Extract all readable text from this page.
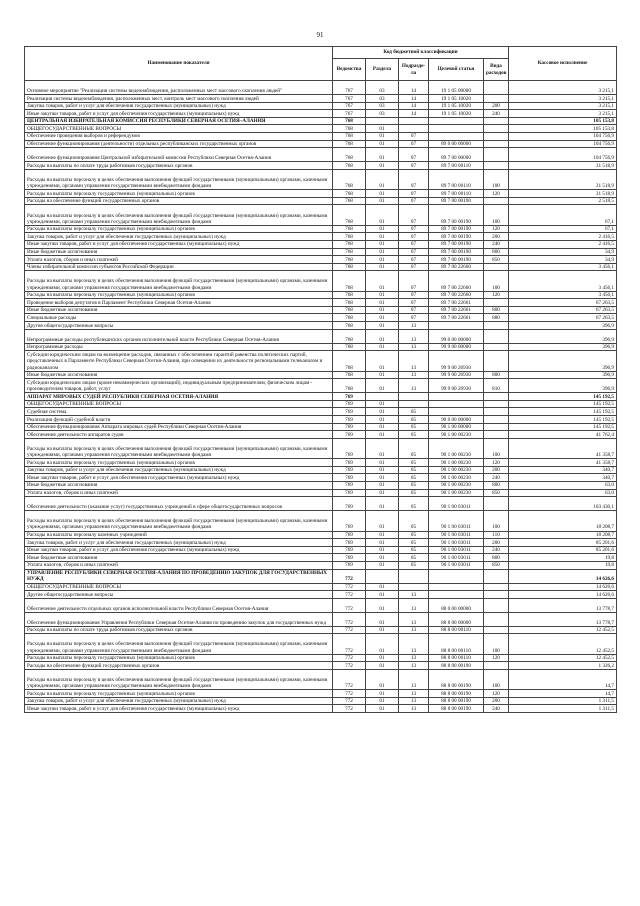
91
Наименование показателя	Код бюджетной классификации					Кассовое исполнение
	Ведомства	Раздела	Подразде-ла	Целевой статьи	Вида расходов	
Основное мероприятие "Реализация системы видеонаблюдения, расположенных мест массового скопления людей"	767	03	14	19 1 05 00000		3 215,1
Реализация системы видеонаблюдения, расположенных мест, контроль мест массового скопления людей	767	03	14	19 1 05 10020		3 215,1
Закупка товаров, работ и услуг для обеспечения государственных (муниципальных) нужд	767	03	14	19 1 05 10020	200	3 215,1
Иные закупки товаров, работ и услуг для обеспечения государственных (муниципальных) нужд	767	03	14	19 1 05 10020	240	3 215,1
ЦЕНТРАЛЬНАЯ ИЗБИРАТЕЛЬНАЯ КОМИССИЯ РЕСПУБЛИКИ СЕВЕРНАЯ ОСЕТИЯ–АЛАНИЯ	768					105 153,8
ОБЩЕГОСУДАРСТВЕННЫЕ ВОПРОСЫ	768	01				105 153,8
Обеспечение проведения выборов и референдумов	768	01	07			104 756,9
Обеспечение функционирования (деятельности) отдельных республиканских государственных органов	768	01	07	89 0 00 00000		104 756,9
Обеспечение функционирования Центральной избирательной комиссии Республики Северная Осетия-Алания	768	01	07	89 7 00 00000		104 756,9
Расходы на выплаты по оплате труда работников государственных органов	768	01	07	89 7 00 00110		31 518,9
Расходы на выплаты персоналу в целях обеспечения выполнения функций государственными (муниципальными) органами, казенными учреждениями, органами управления государственными внебюджетными фондами	768	01	07	89 7 00 00110	100	31 518,9
Расходы на выплаты персоналу государственных (муниципальных) органов	768	01	07	89 7 00 00110	120	31 518,9
Расходы на обеспечение функций государственных органов	768	01	07	89 7 00 00190		2 518,5
Расходы на выплаты персоналу в целях обеспечения выполнения функций государственными (муниципальными) органами, казенными учреждениями, органами управления государственными внебюджетными фондами	768	01	07	89 7 00 00190	100	67,1
Расходы на выплаты персоналу государственных (муниципальных) органов	768	01	07	89 7 00 00190	120	67,1
Закупка товаров, работ и услуг для обеспечения государственных (муниципальных) нужд	768	01	07	89 7 00 00190	200	2 416,5
Иные закупки товаров, работ и услуг для обеспечения государственных (муниципальных) нужд	768	01	07	89 7 00 00190	240	2 416,5
Иные бюджетные ассигнования	768	01	07	89 7 00 00190	800	34,9
Уплата налогов, сборов и иных платежей	768	01	07	89 7 00 00190	850	34,9
Члены избирательной комиссии субъектов Российской Федерации	768	01	07	89 7 00 22660		3 456,1
Расходы на выплаты персоналу в целях обеспечения выполнения функций государственными (муниципальными) органами, казенными учреждениями, органами управления государственными внебюджетными фондами	768	01	07	89 7 00 22660	100	3 456,1
Расходы на выплаты персоналу государственных (муниципальных) органов	768	01	07	89 7 00 22660	120	3 456,1
Проведение выборов депутатов в Парламент Республики Северная Осетия-Алания	768	01	07	89 7 00 22661		67 263,5
Иные бюджетные ассигнования	768	01	07	89 7 00 22661	800	67 263,5
Специальные расходы	768	01	07	89 7 00 22661	880	67 263,5
Другие общегосударственные вопросы	768	01	13			396,9
Непрограммные расходы республиканских органов исполнительной власти Республики Северная Осетия-Алания	768	01	13	99 0 00 00000		396,9
Непрограммные расходы	768	01	13	99 9 00 00000		396,9
Субсидии юридическим лицам на возмещение расходов, связанных с обеспечением гарантий равенства политических партий, представленных в Парламенте Республики Северная Осетия-Алания, при освещении их деятельности региональными телеканалом и радиоканалом	768	01	13	99 9 00 26930		396,9
Иные бюджетные ассигнования	768	01	13	99 9 00 26930	800	396,9
Субсидии юридическим лицам (кроме некоммерческих организаций), индивидуальным предпринимателям, физическим лицам - производителям товаров, работ, услуг	768	01	13	99 9 00 26930	810	396,9
АППАРАТ МИРОВЫХ СУДЕЙ РЕСПУБЛИКИ СЕВЕРНАЯ ОСЕТИЯ-АЛАНИЯ	769					145 192,5
ОБЩЕГОСУДАРСТВЕННЫЕ ВОПРОСЫ	769	01				145 192,5
Судебная система	769	01	05			145 192,5
Реализация функций судебной власти	769	01	05	90 0 00 00000		145 192,5
Обеспечение функционирования Аппарата мировых судей Республики Северная Осетия-Алания	769	01	05	90 1 00 00000		145 192,5
Обеспечение деятельности аппаратов судов	769	01	05	90 1 00 00230		41 762,4
Расходы на выплаты персоналу в целях обеспечения выполнения функций государственными (муниципальными) органами, казенными учреждениями, органами управления государственными внебюджетными фондами	769	01	05	90 1 00 00230	100	41 358,7
Расходы на выплаты персоналу государственных (муниципальных) органов	769	01	05	90 1 00 00230	120	41 358,7
Закупка товаров, работ и услуг для обеспечения государственных (муниципальных) нужд	769	01	05	90 1 00 00230	200	340,7
Иные закупки товаров, работ и услуг для обеспечения государственных (муниципальных) нужд	769	01	05	90 1 00 00230	240	340,7
Иные бюджетные ассигнования	769	01	05	90 1 00 00230	800	63,0
Уплата налогов, сборов и иных платежей	769	01	05	90 1 00 00230	850	63,0
Обеспечение деятельности (оказание услуг) государственных учреждений в сфере общегосударственных вопросов	769	01	05	90 1 00 03011		103 430,1
Расходы на выплаты персоналу в целях обеспечения выполнения функций государственными (муниципальными) органами, казенными учреждениями, органами управления государственными внебюджетными фондами	769	01	05	90 1 00 03011	100	18 208,7
Расходы на выплаты персоналу казенных учреждений	769	01	05	90 1 00 03011	110	18 208,7
Закупка товаров, работ и услуг для обеспечения государственных (муниципальных) нужд	769	01	05	90 1 00 03011	200	85 201,6
Иные закупки товаров, работ и услуг для обеспечения государственных (муниципальных) нужд	769	01	05	90 1 00 03011	240	85 201,6
Иные бюджетные ассигнования	769	01	05	90 1 00 03011	800	19,8
Уплата налогов, сборов и иных платежей	769	01	05	90 1 00 03011	850	19,8
УПРАВЛЕНИЕ РЕСПУБЛИКИ СЕВЕРНАЯ ОСЕТИЯ-АЛАНИЯ ПО ПРОВЕДЕНИЮ ЗАКУПОК ДЛЯ ГОСУДАРСТВЕННЫХ НУЖД	772					14 626,6
ОБЩЕГОСУДАРСТВЕННЫЕ ВОПРОСЫ	772	01				14 626,6
Другие общегосударственные вопросы	772	01	13			14 626,6
Обеспечение деятельности отдельных органов исполнительной власти Республики Северная Осетия-Алания	772	01	13	88 0 00 00000		13 778,7
Обеспечение функционирования Управления Республики Северная Осетия-Алания по проведению закупок для государственных нужд	772	01	13	88 8 00 00000		13 778,7
Расходы на выплаты по оплате труда работников государственных органов	772	01	13	88 8 00 00110		12 452,5
Расходы на выплаты персоналу в целях обеспечения выполнения функций государственными (муниципальными) органами, казенными учреждениями, органами управления государственными внебюджетными фондами	772	01	13	88 8 00 00110	100	12 452,5
Расходы на выплаты персоналу государственных (муниципальных) органов	772	01	13	88 8 00 00110	120	12 452,5
Расходы на обеспечение функций государственных органов	772	01	13	88 8 00 00190		1 326,2
Расходы на выплаты персоналу в целях обеспечения выполнения функций государственными (муниципальными) органами, казенными учреждениями, органами управления государственными внебюджетными фондами	772	01	13	88 8 00 00190	100	14,7
Расходы на выплаты персоналу государственных (муниципальных) органов	772	01	13	88 8 00 00190	120	14,7
Закупка товаров, работ и услуг для обеспечения государственных (муниципальных) нужд	772	01	13	88 8 00 00190	200	1 311,5
Иные закупки товаров, работ и услуг для обеспечения государственных (муниципальных) нужд	772	01	13	88 8 00 00190	240	1 311,5
